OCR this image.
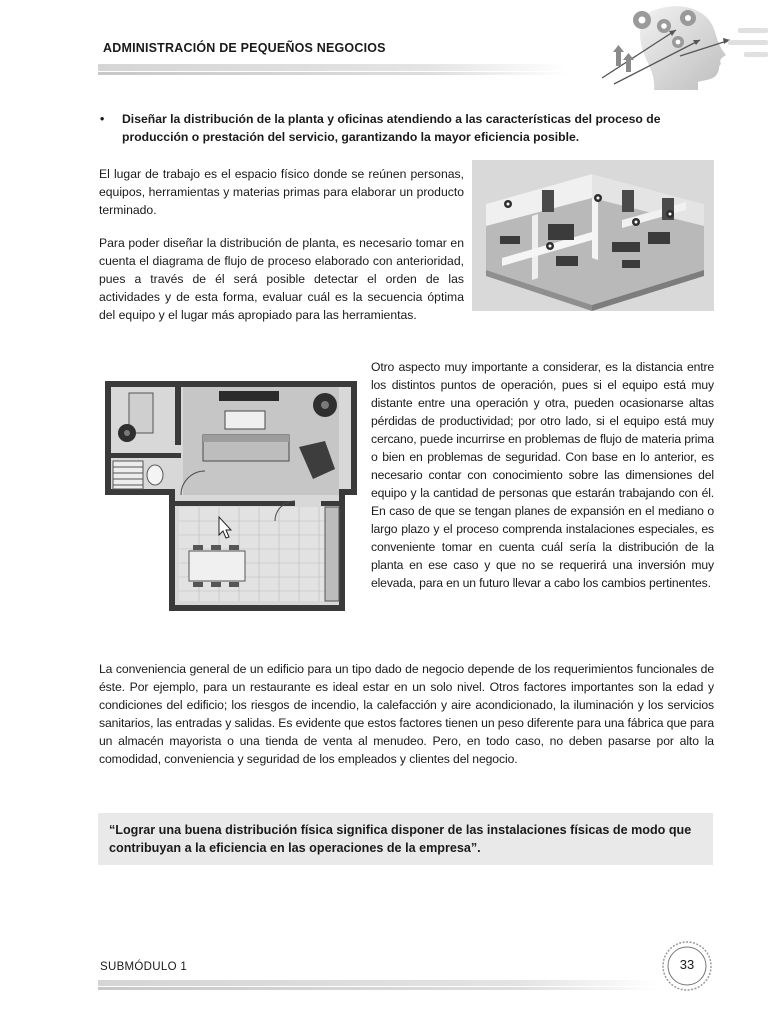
ADMINISTRACIÓN DE PEQUEÑOS NEGOCIOS
• Diseñar la distribución de la planta y oficinas atendiendo a las características del proceso de producción o prestación del servicio, garantizando la mayor eficiencia posible.

El lugar de trabajo es el espacio físico donde se reúnen personas, equipos, herramientas y materias primas para elaborar un producto terminado.

Para poder diseñar la distribución de planta, es necesario tomar en cuenta el diagrama de flujo de proceso elaborado con anterioridad, pues a través de él será posible detectar el orden de las actividades y de esta forma, evaluar cuál es la secuencia óptima del equipo y el lugar más apropiado para las herramientas.

Otro aspecto muy importante a considerar, es la distancia entre los distintos puntos de operación, pues si el equipo está muy distante entre una operación y otra, pueden ocasionarse altas pérdidas de productividad; por otro lado, si el equipo está muy cercano, puede incurrirse en problemas de flujo de materia prima o bien en problemas de seguridad. Con base en lo anterior, es necesario contar con conocimiento sobre las dimensiones del equipo y la cantidad de personas que estarán trabajando con él. En caso de que se tengan planes de expansión en el mediano o largo plazo y el proceso comprenda instalaciones especiales, es conveniente tomar en cuenta cuál sería la distribución de la planta en ese caso y que no se requerirá una inversión muy elevada, para en un futuro llevar a cabo los cambios pertinentes.

La conveniencia general de un edificio para un tipo dado de negocio depende de los requerimientos funcionales de éste. Por ejemplo, para un restaurante es ideal estar en un solo nivel. Otros factores importantes son la edad y condiciones del edificio; los riesgos de incendio, la calefacción y aire acondicionado, la iluminación y los servicios sanitarios, las entradas y salidas. Es evidente que estos factores tienen un peso diferente para una fábrica que para un almacén mayorista o una tienda de venta al menudeo. Pero, en todo caso, no deben pasarse por alto la comodidad, conveniencia y seguridad de los empleados y clientes del negocio.

“Lograr una buena distribución física significa disponer de las instalaciones físicas de modo que contribuyan a la eficiencia en las operaciones de la empresa”.
SUBMÓDULO 1	33
